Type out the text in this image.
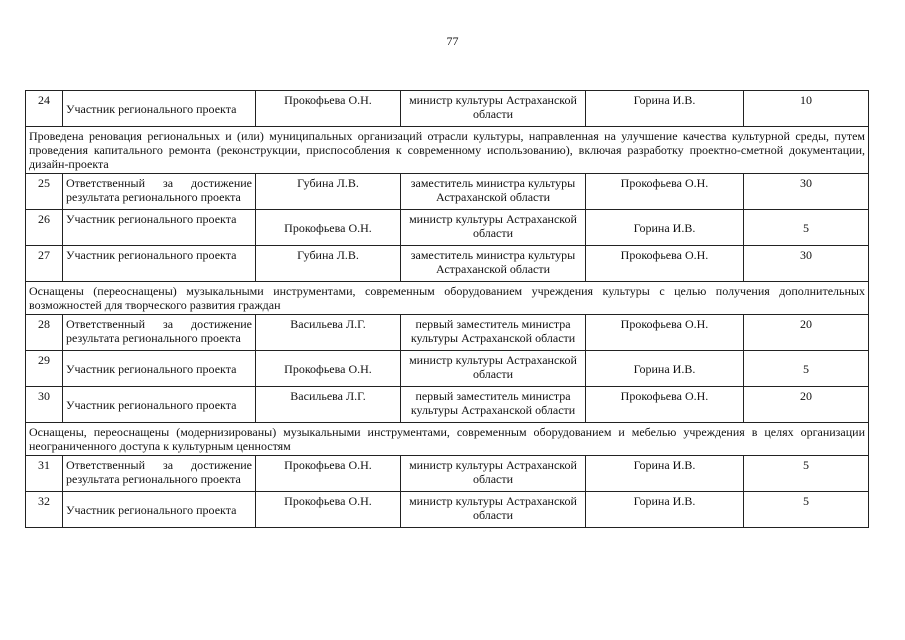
77
24	Участник регионального проекта	Прокофьева О.Н.	министр культуры Астраханской области	Горина И.В.	10
Проведена реновация региональных и (или) муниципальных организаций отрасли культуры, направленная на улучшение качества культурной среды, путем проведения капитального ремонта (реконструкции, приспособления к современному использованию), включая разработку проектно-сметной документации, дизайн-проекта					
25	Ответственный за достижение результата регионального проекта	Губина Л.В.	заместитель министра культуры Астраханской области	Прокофьева О.Н.	30
26	Участник регионального проекта	Прокофьева О.Н.	министр культуры Астраханской области	Горина И.В.	5
27	Участник регионального проекта	Губина Л.В.	заместитель министра культуры Астраханской области	Прокофьева О.Н.	30
Оснащены (переоснащены) музыкальными инструментами, современным оборудованием учреждения культуры с целью получения дополнительных возможностей для творческого развития граждан					
28	Ответственный за достижение результата регионального проекта	Васильева Л.Г.	первый заместитель министра культуры Астраханской области	Прокофьева О.Н.	20
29	Участник регионального проекта	Прокофьева О.Н.	министр культуры Астраханской области	Горина И.В.	5
30	Участник регионального проекта	Васильева Л.Г.	первый заместитель министра культуры Астраханской области	Прокофьева О.Н.	20
Оснащены, переоснащены (модернизированы) музыкальными инструментами, современным оборудованием и мебелью учреждения в целях организации неограниченного доступа к культурным ценностям					
31	Ответственный за достижение результата регионального проекта	Прокофьева О.Н.	министр культуры Астраханской области	Горина И.В.	5
32	Участник регионального проекта	Прокофьева О.Н.	министр культуры Астраханской области	Горина И.В.	5
